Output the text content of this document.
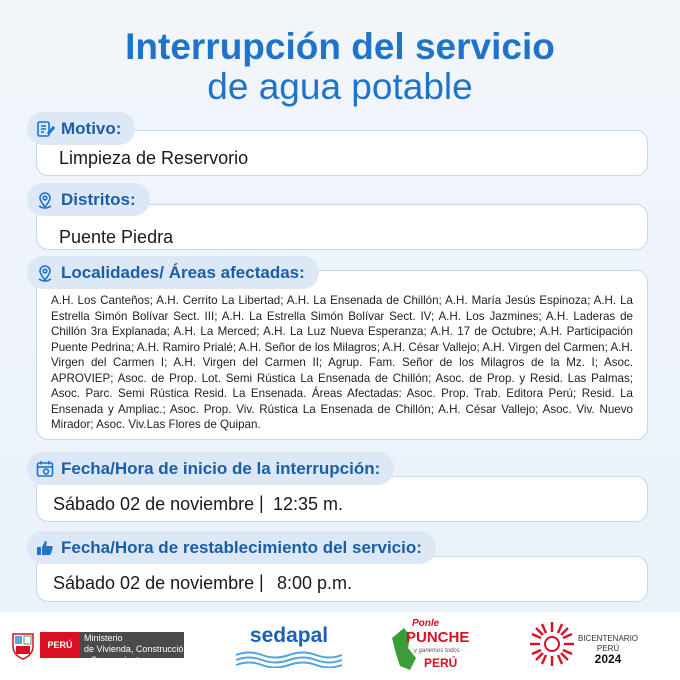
Interrupción del servicio
de agua potable
Motivo:
Limpieza de Reservorio
Distritos:
Puente Piedra
Localidades/ Áreas afectadas:
A.H. Los Canteños; A.H. Cerrito La Libertad; A.H. La Ensenada de Chillón; A.H. María Jesús Espinoza; A.H. La Estrella Simón Bolívar Sect. III; A.H. La Estrella Simón Bolívar Sect. IV; A.H. Los Jazmines; A.H. Laderas de Chillón 3ra Explanada; A.H. La Merced; A.H. La Luz Nueva Esperanza; A.H. 17 de Octubre; A.H. Participación Puente Pedrina; A.H. Ramiro Prialé; A.H. Señor de los Milagros; A.H. César Vallejo; A.H. Virgen del Carmen; A.H. Virgen del Carmen I; A.H. Virgen del Carmen II; Agrup. Fam. Señor de los Milagros de la Mz. I; Asoc. APROVIEP; Asoc. de Prop. Lot. Semi Rústica La Ensenada de Chillón; Asoc. de Prop. y Resid. Las Palmas; Asoc. Parc. Semi Rústica Resid. La Ensenada. Áreas Afectadas: Asoc. Prop. Trab. Editora Perú; Resid. La Ensenada y Ampliac.; Asoc. Prop. Viv. Rústica La Ensenada de Chillón; A.H. César Vallejo; Asoc. Viv. Nuevo Mirador; Asoc. Viv.Las Flores de Quipan.
Fecha/Hora de inicio de la interrupción:
Sábado 02 de noviembre | 12:35 m.
Fecha/Hora de restablecimiento del servicio:
Sábado 02 de noviembre | 8:00 p.m.
PERÚ
Ministerio
de Vivienda, Construcción
y Saneamiento
sedapal
Ponle
PUNCHE
y ganemos todos
PERÚ
BICENTENARIO
PERÚ
2024
